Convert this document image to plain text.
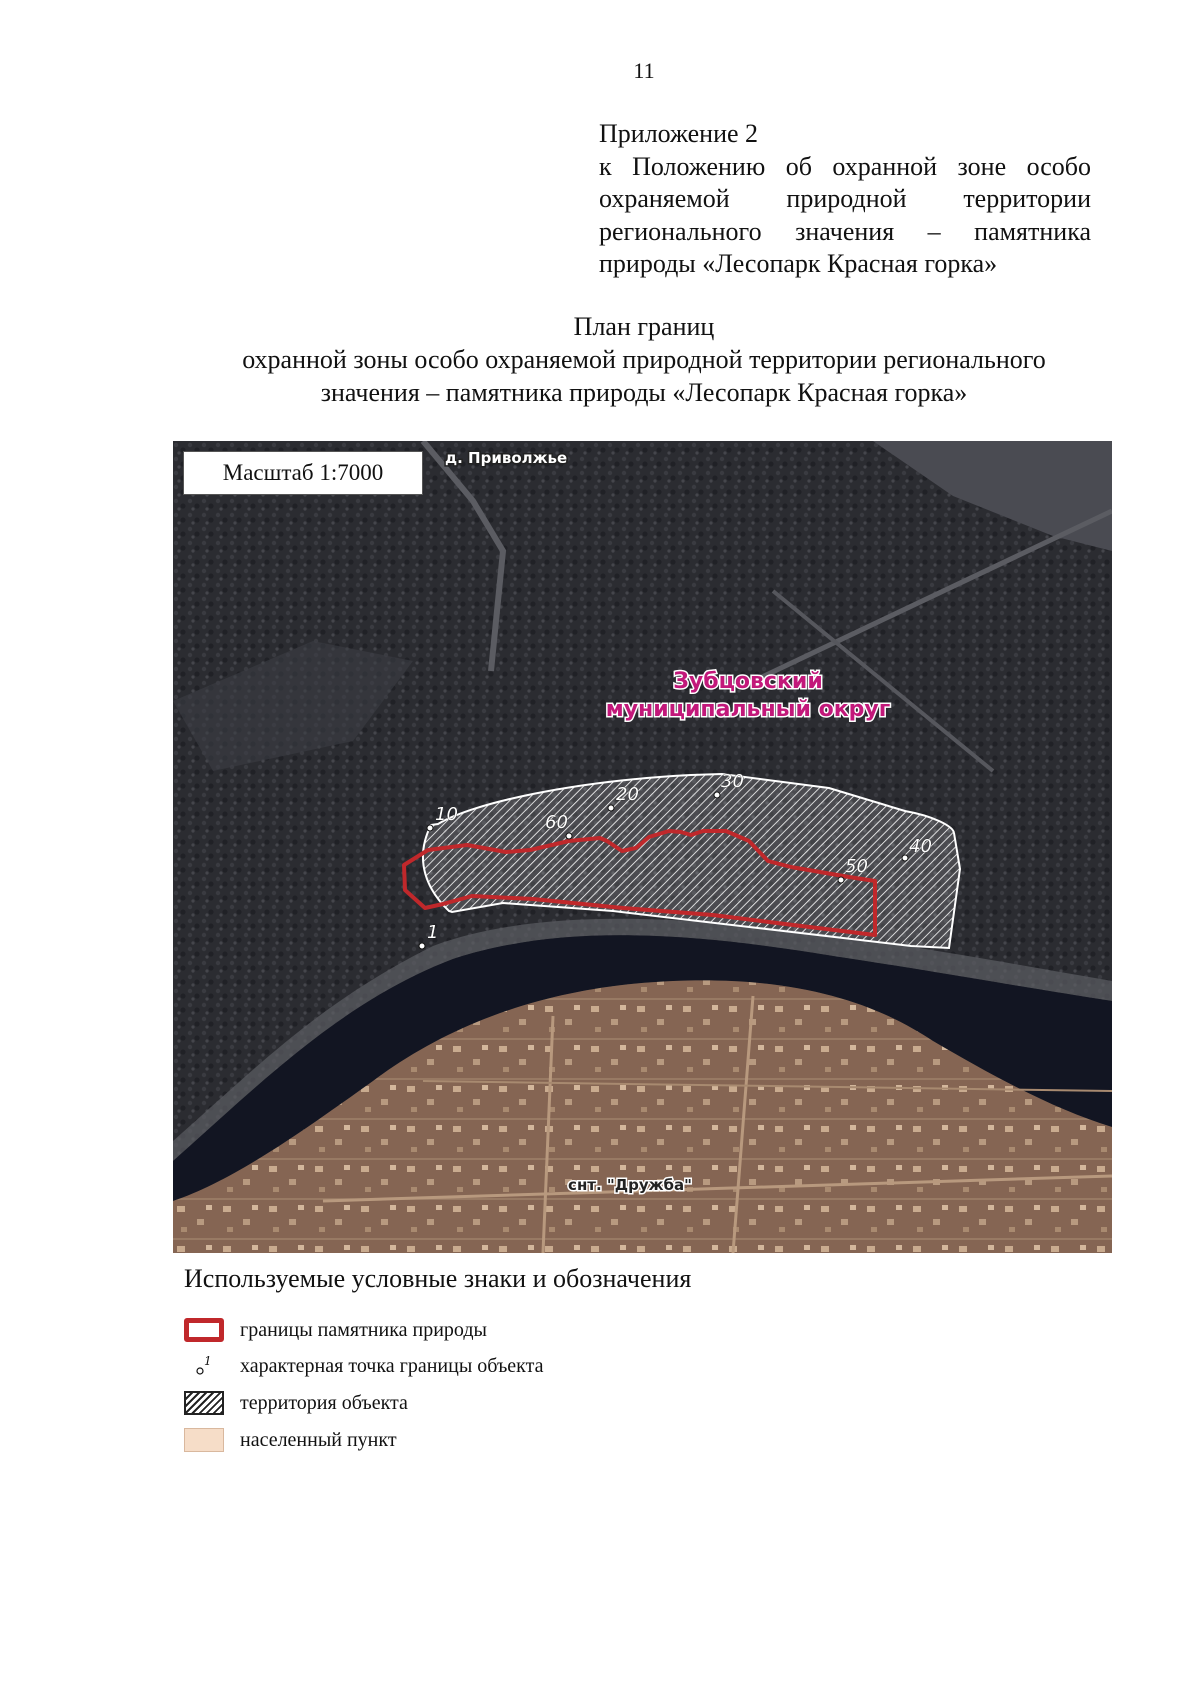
11
Приложение 2
к Положению об охранной зоне особо
охраняемой природной территории
регионального значения – памятника
природы «Лесопарк Красная горка»
План границ
охранной зоны особо охраняемой природной территории регионального
значения – памятника природы «Лесопарк Красная горка»
1
10
20
30
40
50
60
д. Приволжье
Зубцовский
муниципальный округ
снт. "Дружба"
Масштаб 1:7000
Используемые условные знаки и обозначения
границы памятника природы
1 характерная точка границы объекта
территория объекта
населенный пункт
